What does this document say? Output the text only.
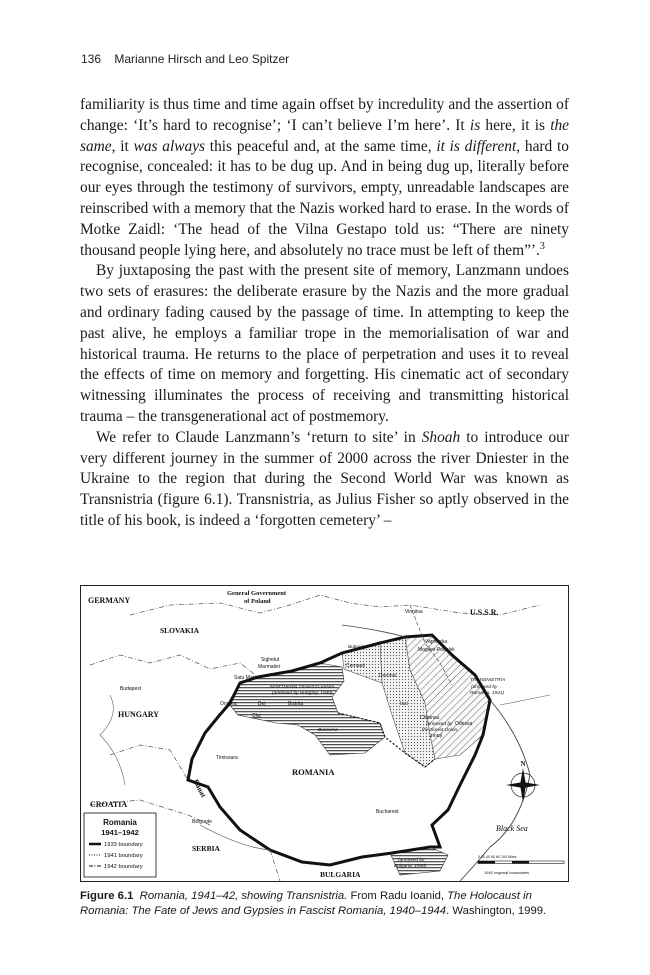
136 Marianne Hirsch and Leo Spitzer

familiarity is thus time and time again offset by incredulity and the assertion of change: ‘It’s hard to recognise’; ‘I can’t believe I’m here’. It is here, it is the same, it was always this peaceful and, at the same time, it is different, hard to recognise, concealed: it has to be dug up. And in being dug up, literally before our eyes through the testimony of survivors, empty, unreadable landscapes are reinscribed with a memory that the Nazis worked hard to erase. In the words of Motke Zaidl: ‘The head of the Vilna Gestapo told us: “There are ninety thousand people lying here, and absolutely no trace must be left of them”’.$^3$

By juxtaposing the past with the present site of memory, Lanzmann undoes two sets of erasures: the deliberate erasure by the Nazis and the more gradual and ordinary fading caused by the passage of time. In attempting to keep the past alive, he employs a familiar trope in the memorialisation of war and historical trauma. He returns to the place of perpetration and uses it to reveal the effects of time on memory and forgetting. His cinematic act of secondary witnessing illuminates the process of receiving and transmitting historical trauma – the transgenerational act of postmemory.

We refer to Claude Lanzmann’s ‘return to site’ in Shoah to introduce our very different journey in the summer of 2000 across the river Dniester in the Ukraine to the region that during the Second World War was known as Transnistria (figure 6.1). Transnistria, as Julius Fisher so aptly observed in the title of his book, is indeed a ‘forgotten cemetery’ –

GERMANY
General Government
of Poland
U.S.S.R.
SLOVAKIA
HUNGARY
ROMANIA
CROATIA
SERBIA
BULGARIA
Black Sea
Banat
Vinnitsa
Vapniarka
Mogilev-Podolsk
Sighetul
Marmatiei
Satu Mare
Cernauti
Dorohoi
Budapest
Oradea	Dej	Bistrita
Cluj
Iasi
Chisinau
Odessa
Timisoara
Belgrade
Bucharest
NORTHERN TRANSYLVANIA
(annexed by Hungary, 1940)
Bukovina
Bucovina
TRANSNISTRIA
(annexed by
Romania, 1941)
(annexed by
the Soviet Union,
1940)
(annexed by
Bulgaria, 1940)
N
0 20 40 60 80 100 Miles
1942 regional boundaries
Romania
1941–1942
1933 boundary
1941 boundary
1942 boundary
Figure 6.1 Romania, 1941–42, showing Transnistria. From Radu Ioanid, The Holocaust in Romania: The Fate of Jews and Gypsies in Fascist Romania, 1940–1944. Washington, 1999.
